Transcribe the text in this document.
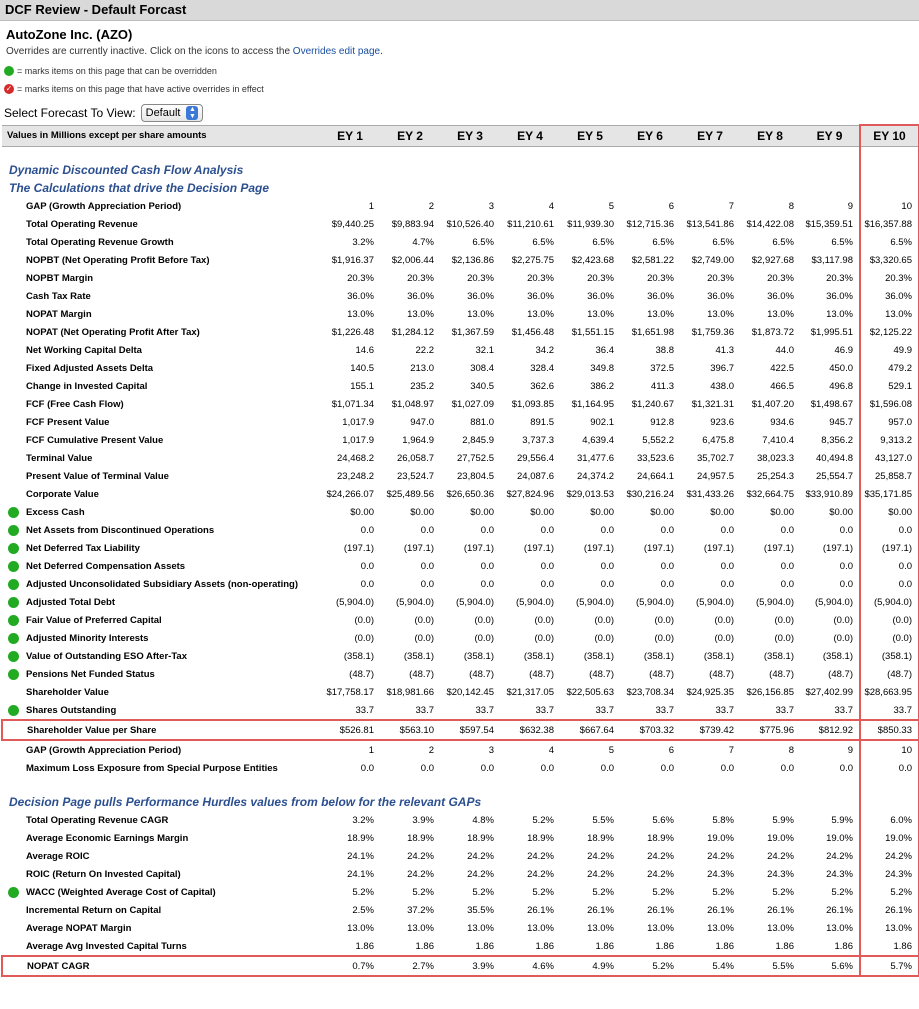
DCF Review - Default Forcast
AutoZone Inc. (AZO)
Overrides are currently inactive. Click on the icons to access the Overrides edit page.
= marks items on this page that can be overridden
✓ = marks items on this page that have active overrides in effect
Select Forecast To View: Default	▲
▼
Values in Millions except per share amounts	EY 1	EY 2	EY 3	EY 4	EY 5	EY 6	EY 7	EY 8	EY 9	EY 10

Dynamic Discounted Cash Flow Analysis										
The Calculations that drive the Decision Page										
GAP (Growth Appreciation Period)	1	2	3	4	5	6	7	8	9	10
Total Operating Revenue	$9,440.25	$9,883.94	$10,526.40	$11,210.61	$11,939.30	$12,715.36	$13,541.86	$14,422.08	$15,359.51	$16,357.88
Total Operating Revenue Growth	3.2%	4.7%	6.5%	6.5%	6.5%	6.5%	6.5%	6.5%	6.5%	6.5%
NOPBT (Net Operating Profit Before Tax)	$1,916.37	$2,006.44	$2,136.86	$2,275.75	$2,423.68	$2,581.22	$2,749.00	$2,927.68	$3,117.98	$3,320.65
NOPBT Margin	20.3%	20.3%	20.3%	20.3%	20.3%	20.3%	20.3%	20.3%	20.3%	20.3%
Cash Tax Rate	36.0%	36.0%	36.0%	36.0%	36.0%	36.0%	36.0%	36.0%	36.0%	36.0%
NOPAT Margin	13.0%	13.0%	13.0%	13.0%	13.0%	13.0%	13.0%	13.0%	13.0%	13.0%
NOPAT (Net Operating Profit After Tax)	$1,226.48	$1,284.12	$1,367.59	$1,456.48	$1,551.15	$1,651.98	$1,759.36	$1,873.72	$1,995.51	$2,125.22
Net Working Capital Delta	14.6	22.2	32.1	34.2	36.4	38.8	41.3	44.0	46.9	49.9
Fixed Adjusted Assets Delta	140.5	213.0	308.4	328.4	349.8	372.5	396.7	422.5	450.0	479.2
Change in Invested Capital	155.1	235.2	340.5	362.6	386.2	411.3	438.0	466.5	496.8	529.1
FCF (Free Cash Flow)	$1,071.34	$1,048.97	$1,027.09	$1,093.85	$1,164.95	$1,240.67	$1,321.31	$1,407.20	$1,498.67	$1,596.08
FCF Present Value	1,017.9	947.0	881.0	891.5	902.1	912.8	923.6	934.6	945.7	957.0
FCF Cumulative Present Value	1,017.9	1,964.9	2,845.9	3,737.3	4,639.4	5,552.2	6,475.8	7,410.4	8,356.2	9,313.2
Terminal Value	24,468.2	26,058.7	27,752.5	29,556.4	31,477.6	33,523.6	35,702.7	38,023.3	40,494.8	43,127.0
Present Value of Terminal Value	23,248.2	23,524.7	23,804.5	24,087.6	24,374.2	24,664.1	24,957.5	25,254.3	25,554.7	25,858.7
Corporate Value	$24,266.07	$25,489.56	$26,650.36	$27,824.96	$29,013.53	$30,216.24	$31,433.26	$32,664.75	$33,910.89	$35,171.85

Excess Cash	$0.00	$0.00	$0.00	$0.00	$0.00	$0.00	$0.00	$0.00	$0.00	$0.00

Net Assets from Discontinued Operations	0.0	0.0	0.0	0.0	0.0	0.0	0.0	0.0	0.0	0.0

Net Deferred Tax Liability	(197.1)	(197.1)	(197.1)	(197.1)	(197.1)	(197.1)	(197.1)	(197.1)	(197.1)	(197.1)

Net Deferred Compensation Assets	0.0	0.0	0.0	0.0	0.0	0.0	0.0	0.0	0.0	0.0

Adjusted Unconsolidated Subsidiary Assets (non-operating)	0.0	0.0	0.0	0.0	0.0	0.0	0.0	0.0	0.0	0.0

Adjusted Total Debt	(5,904.0)	(5,904.0)	(5,904.0)	(5,904.0)	(5,904.0)	(5,904.0)	(5,904.0)	(5,904.0)	(5,904.0)	(5,904.0)

Fair Value of Preferred Capital	(0.0)	(0.0)	(0.0)	(0.0)	(0.0)	(0.0)	(0.0)	(0.0)	(0.0)	(0.0)

Adjusted Minority Interests	(0.0)	(0.0)	(0.0)	(0.0)	(0.0)	(0.0)	(0.0)	(0.0)	(0.0)	(0.0)

Value of Outstanding ESO After-Tax	(358.1)	(358.1)	(358.1)	(358.1)	(358.1)	(358.1)	(358.1)	(358.1)	(358.1)	(358.1)

Pensions Net Funded Status	(48.7)	(48.7)	(48.7)	(48.7)	(48.7)	(48.7)	(48.7)	(48.7)	(48.7)	(48.7)
Shareholder Value	$17,758.17	$18,981.66	$20,142.45	$21,317.05	$22,505.63	$23,708.34	$24,925.35	$26,156.85	$27,402.99	$28,663.95

Shares Outstanding	33.7	33.7	33.7	33.7	33.7	33.7	33.7	33.7	33.7	33.7
Shareholder Value per Share	$526.81	$563.10	$597.54	$632.38	$667.64	$703.32	$739.42	$775.96	$812.92	$850.33
GAP (Growth Appreciation Period)	1	2	3	4	5	6	7	8	9	10
Maximum Loss Exposure from Special Purpose Entities	0.0	0.0	0.0	0.0	0.0	0.0	0.0	0.0	0.0	0.0

Decision Page pulls Performance Hurdles values from below for the relevant GAPs										
Total Operating Revenue CAGR	3.2%	3.9%	4.8%	5.2%	5.5%	5.6%	5.8%	5.9%	5.9%	6.0%
Average Economic Earnings Margin	18.9%	18.9%	18.9%	18.9%	18.9%	18.9%	19.0%	19.0%	19.0%	19.0%
Average ROIC	24.1%	24.2%	24.2%	24.2%	24.2%	24.2%	24.2%	24.2%	24.2%	24.2%
ROIC (Return On Invested Capital)	24.1%	24.2%	24.2%	24.2%	24.2%	24.2%	24.3%	24.3%	24.3%	24.3%

WACC (Weighted Average Cost of Capital)	5.2%	5.2%	5.2%	5.2%	5.2%	5.2%	5.2%	5.2%	5.2%	5.2%
Incremental Return on Capital	2.5%	37.2%	35.5%	26.1%	26.1%	26.1%	26.1%	26.1%	26.1%	26.1%
Average NOPAT Margin	13.0%	13.0%	13.0%	13.0%	13.0%	13.0%	13.0%	13.0%	13.0%	13.0%
Average Avg Invested Capital Turns	1.86	1.86	1.86	1.86	1.86	1.86	1.86	1.86	1.86	1.86
NOPAT CAGR	0.7%	2.7%	3.9%	4.6%	4.9%	5.2%	5.4%	5.5%	5.6%	5.7%
